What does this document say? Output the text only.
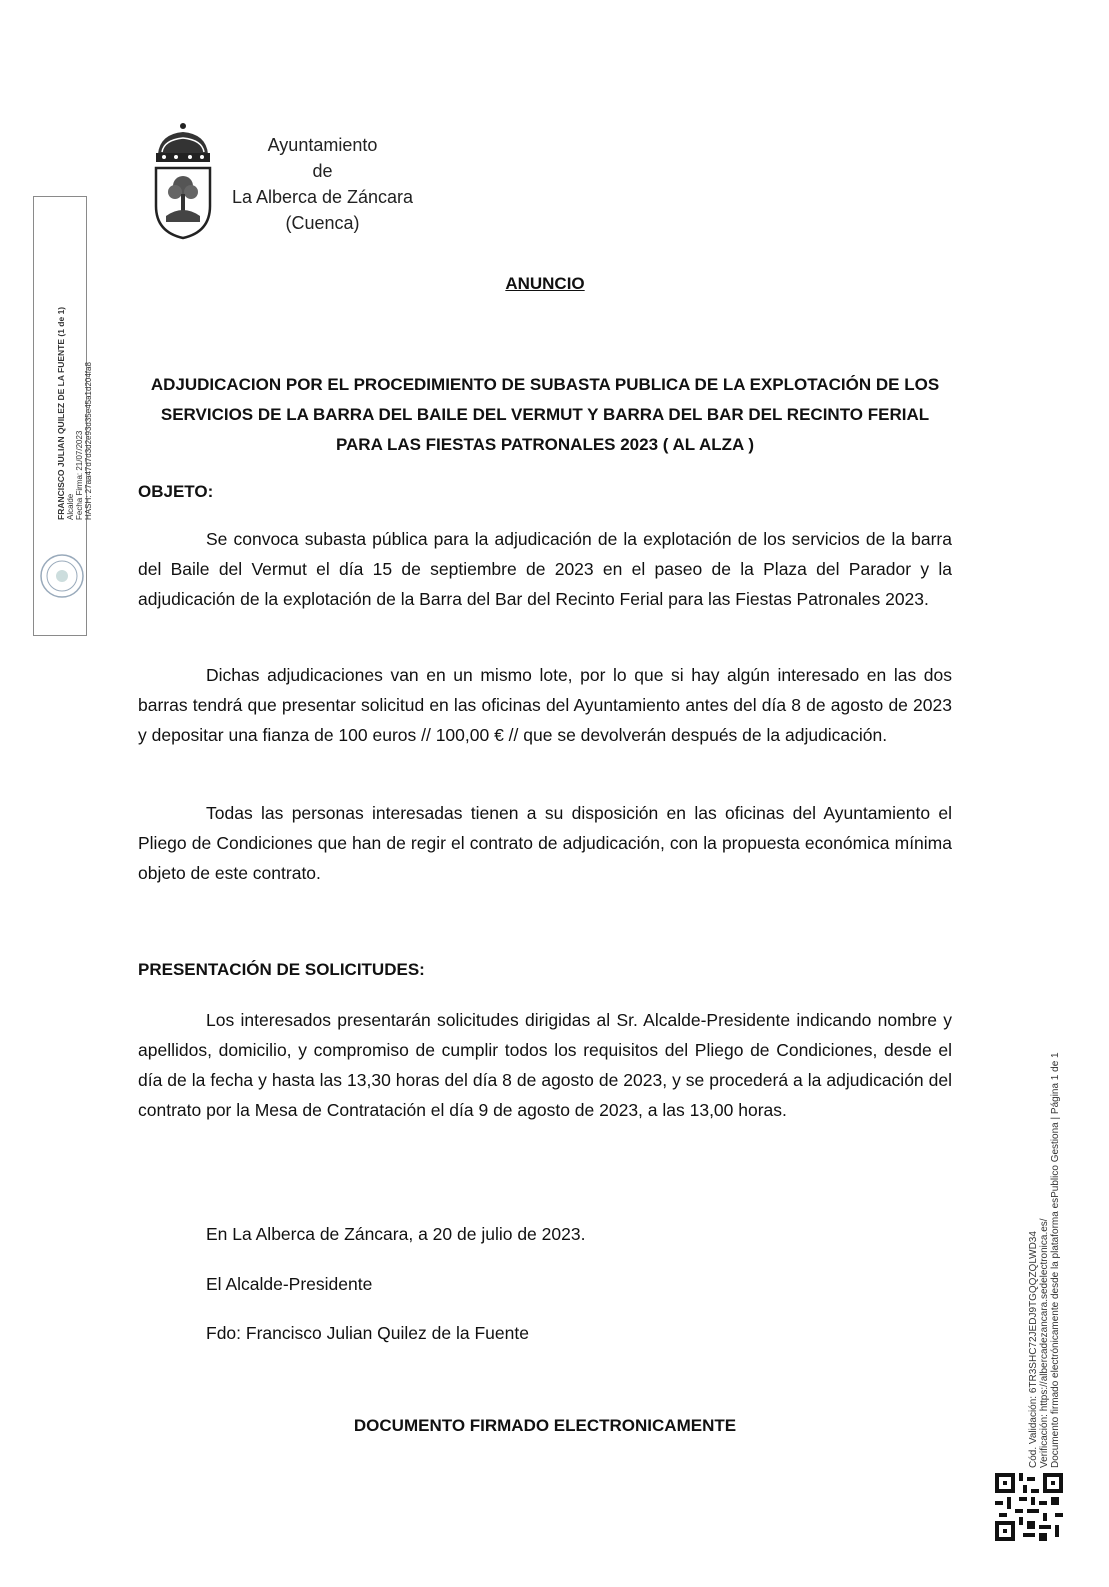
Ayuntamiento
de
La Alberca de Záncara
(Cuenca)
FRANCISCO JULIAN QUILEZ DE LA FUENTE (1 de 1) Alcalde Fecha Firma: 21/07/2023 HASH: 27aa47d7d3d2e93d35e45a1d204fa8
Cód. Validación: 6TR3SHC72JEDJ9TGQQZQLWD34 Verificación: https://albercadezancara.sedelectronica.es/ Documento firmado electrónicamente desde la plataforma esPublico Gestiona | Página 1 de 1
ANUNCIO
ADJUDICACION POR EL PROCEDIMIENTO DE SUBASTA PUBLICA DE LA EXPLOTACIÓN DE LOS
SERVICIOS DE LA BARRA DEL BAILE DEL VERMUT Y BARRA DEL BAR DEL RECINTO FERIAL
PARA LAS FIESTAS PATRONALES 2023 ( AL ALZA )
OBJETO:

Se convoca subasta pública para la adjudicación de la explotación de los servicios de la barra del Baile del Vermut el día 15 de septiembre de 2023 en el paseo de la Plaza del Parador y la adjudicación de la explotación de la Barra del Bar del Recinto Ferial para las Fiestas Patronales 2023.

Dichas adjudicaciones van en un mismo lote, por lo que si hay algún interesado en las dos barras tendrá que presentar solicitud en las oficinas del Ayuntamiento antes del día 8 de agosto de 2023 y depositar una fianza de 100 euros // 100,00 € // que se devolverán después de la adjudicación.

Todas las personas interesadas tienen a su disposición en las oficinas del Ayuntamiento el Pliego de Condiciones que han de regir el contrato de adjudicación, con la propuesta económica mínima objeto de este contrato.

PRESENTACIÓN DE SOLICITUDES:

Los interesados presentarán solicitudes dirigidas al Sr. Alcalde-Presidente indicando nombre y apellidos, domicilio, y compromiso de cumplir todos los requisitos del Pliego de Condiciones, desde el día de la fecha y hasta las 13,30 horas del día 8 de agosto de 2023, y se procederá a la adjudicación del contrato por la Mesa de Contratación el día 9 de agosto de 2023, a las 13,00 horas.

En La Alberca de Záncara, a 20 de julio de 2023.
El Alcalde-Presidente
Fdo: Francisco Julian Quilez de la Fuente
DOCUMENTO FIRMADO ELECTRONICAMENTE
